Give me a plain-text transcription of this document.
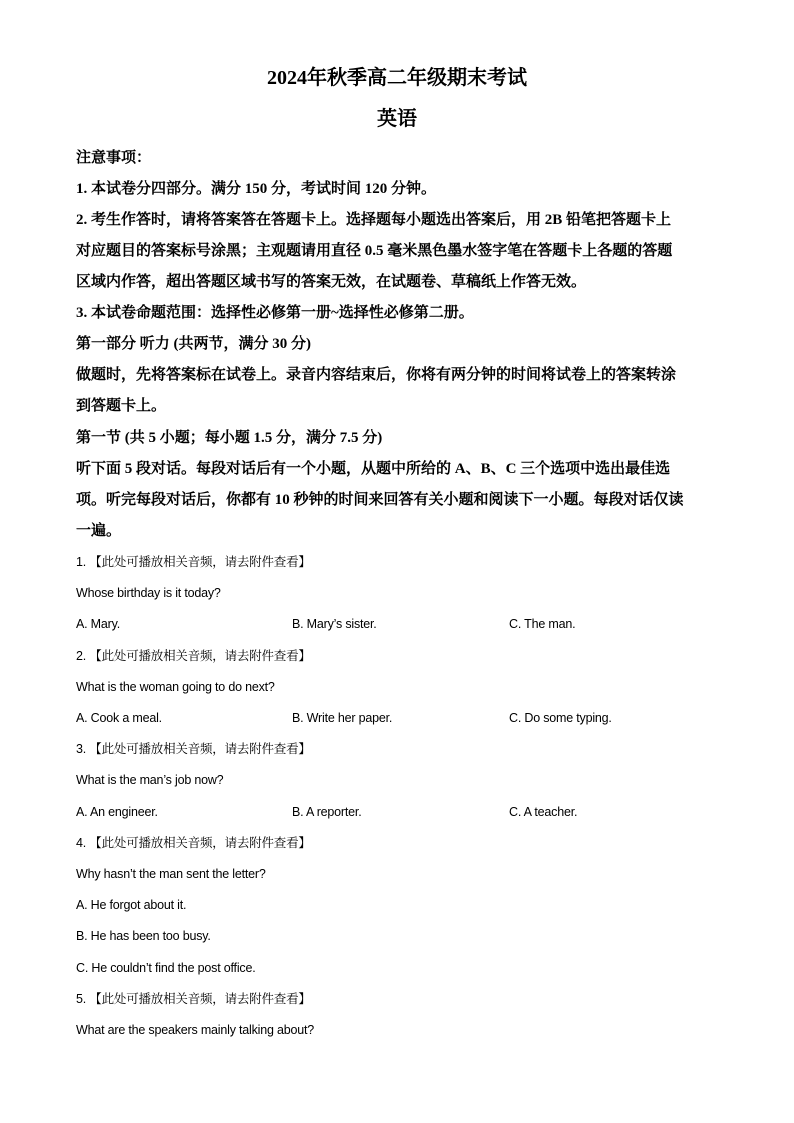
2024年秋季高二年级期末考试
英语
注意事项：
1. 本试卷分四部分。满分 150 分，考试时间 120 分钟。
2. 考生作答时，请将答案答在答题卡上。选择题每小题选出答案后，用 2B 铅笔把答题卡上
对应题目的答案标号涂黑；主观题请用直径 0.5 毫米黑色墨水签字笔在答题卡上各题的答题
区域内作答，超出答题区域书写的答案无效，在试题卷、草稿纸上作答无效。
3. 本试卷命题范围：选择性必修第一册~选择性必修第二册。
第一部分 听力 (共两节，满分 30 分)
做题时，先将答案标在试卷上。录音内容结束后，你将有两分钟的时间将试卷上的答案转涂
到答题卡上。
第一节 (共 5 小题；每小题 1.5 分，满分 7.5 分)
听下面 5 段对话。每段对话后有一个小题，从题中所给的 A、B、C 三个选项中选出最佳选
项。听完每段对话后，你都有 10 秒钟的时间来回答有关小题和阅读下一小题。每段对话仅读
一遍。
1. 【此处可播放相关音频，请去附件查看】
Whose birthday is it today?
A. Mary.	B. Mary’s sister.	C. The man.
2. 【此处可播放相关音频，请去附件查看】
What is the woman going to do next?
A. Cook a meal.	B. Write her paper.	C. Do some typing.
3. 【此处可播放相关音频，请去附件查看】
What is the man’s job now?
A. An engineer.	B. A reporter.	C. A teacher.
4. 【此处可播放相关音频，请去附件查看】
Why hasn’t the man sent the letter?
A. He forgot about it.
B. He has been too busy.
C. He couldn’t find the post office.
5. 【此处可播放相关音频，请去附件查看】
What are the speakers mainly talking about?
